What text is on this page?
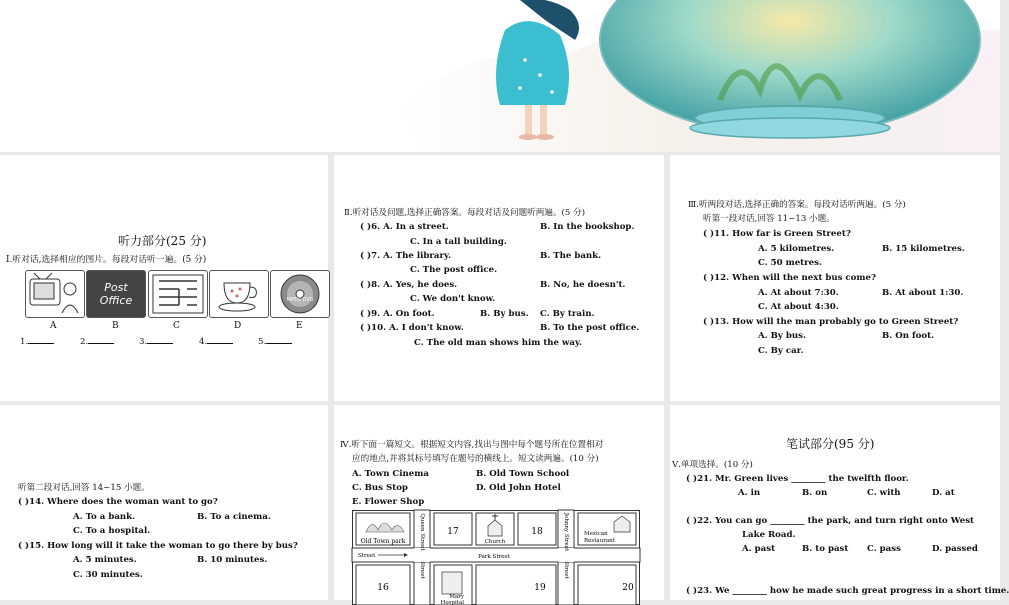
听力部分(25 分)
Ⅰ.听对话,选择相应的图片。每段对话听一遍。(5 分)
Post
Office	MPEG DVD
A	B	C	D	E
1.	2.	3.	4.	5.
Ⅱ.听对话及问题,选择正确答案。每段对话及问题听两遍。(5 分)
( )6. A. In a street.	B. In the bookshop.
C. In a tall building.
( )7. A. The library.	B. The bank.
C. The post office.
( )8. A. Yes, he does.	B. No, he doesn't.
C. We don't know.
( )9. A. On foot.	B. By bus. C. By train.
( )10. A. I don't know.	B. To the post office.
C. The old man shows him the way.
Ⅲ.听两段对话,选择正确的答案。每段对话听两遍。(5 分)
听第一段对话,回答 11~13 小题。
( )11. How far is Green Street?
A. 5 kilometres.	B. 15 kilometres.
C. 50 metres.
( )12. When will the next bus come?
A. At about 7:30.	B. At about 1:30.
C. At about 4:30.
( )13. How will the man probably go to Green Street?
A. By bus.	B. On foot.
C. By car.
听第二段对话,回答 14~15 小题。
( )14. Where does the woman want to go?
A. To a bank.	B. To a cinema.
C. To a hospital.
( )15. How long will it take the woman to go there by bus?
A. 5 minutes.	B. 10 minutes.
C. 30 minutes.
Ⅳ.听下面一篇短文。根据短文内容,找出与图中每个题号所在位置相对
应的地点,并将其标号填写在题号的横线上。短文读两遍。(10 分)
A. Town Cinema	B. Old Town School
C. Bus Stop	D. Old John Hotel
E. Flower Shop
Old Town park
17
Church
18	Mexican
Restaurant
Queen Street	Johnny Street
Street	Park Street
16
Mary
Hospital
19	20
Street
Street
笔试部分(95 分)
Ⅴ.单项选择。(10 分)
( )21. Mr. Green lives ________ the twelfth floor.
A. in	B. on	C. with	D. at
( )22. You can go ________ the park, and turn right onto West
Lake Road.
A. past	B. to past C. pass	D. passed
( )23. We ________ how he made such great progress in a short time.
